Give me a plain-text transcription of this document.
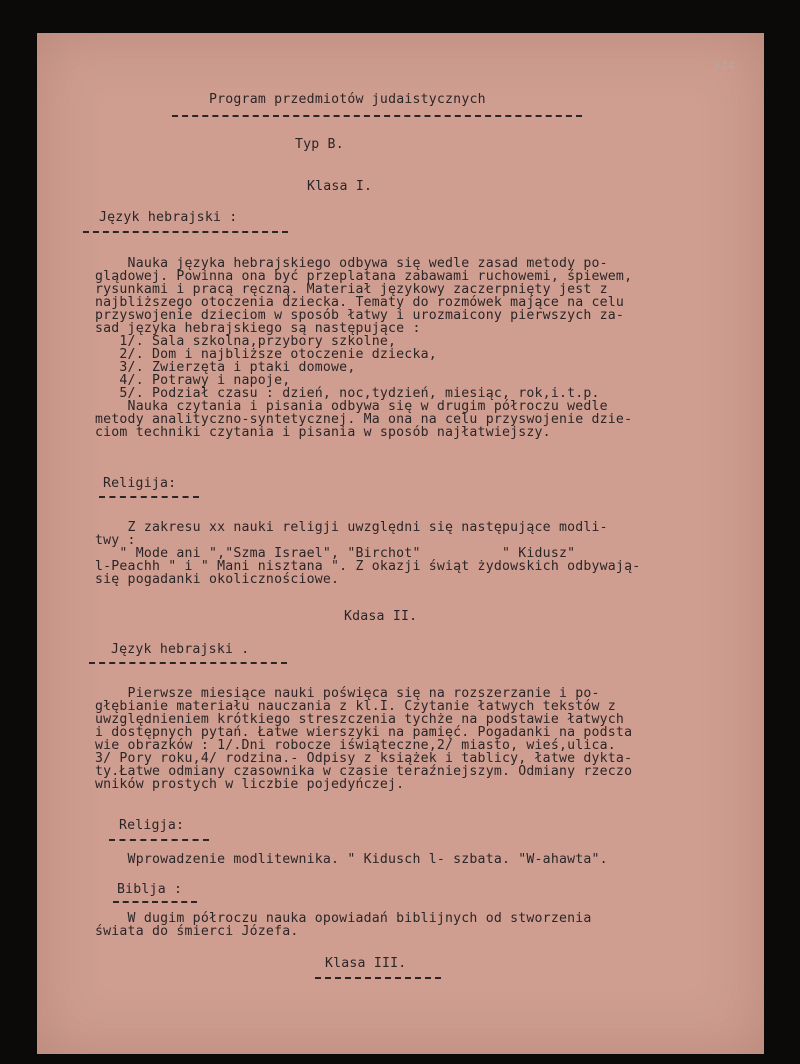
344
Program przedmiotów judaistycznych
Typ B.
Klasa I.
Język hebrajski :
Nauka języka hebrajskiego odbywa się wedle zasad metody po-
glądowej. Powinna ona być przeplatana zabawami ruchowemi, śpiewem,
rysunkami i pracą ręczną. Materiał językowy zaczerpnięty jest z
najbliższego otoczenia dziecka. Tematy do rozmówek mające na celu
przyswojenie dzieciom w sposób łatwy i urozmaicony pierwszych za-
sad języka hebrajskiego są następujące :
1/. Sala szkolna,przybory szkolne,
2/. Dom i najbliższe otoczenie dziecka,
3/. Zwierzęta i ptaki domowe,
4/. Potrawy i napoje,
5/. Podział czasu : dzień, noc,tydzień, miesiąc, rok,i.t.p.
Nauka czytania i pisania odbywa się w drugim półroczu wedle
metody analityczno-syntetycznej. Ma ona na celu przyswojenie dzie-
ciom techniki czytania i pisania w sposób najłatwiejszy.
Religija:
Z zakresu xx nauki religji uwzględni się następujące modli-
twy :
" Mode ani ","Szma Israel", "Birchot"          " Kidusz"
l-Peachh " i " Mani nisztana ". Z okazji świąt żydowskich odbywają-
się pogadanki okolicznościowe.
Kdasa II.
Język hebrajski .
Pierwsze miesiące nauki poświęca się na rozszerzanie i po-
głębianie materiału nauczania z kl.I. Czytanie łatwych tekstów z
uwzględnieniem krótkiego streszczenia tychże na podstawie łatwych
i dostępnych pytań. Łatwe wierszyki na pamięć. Pogadanki na podsta
wie obrazków : 1/.Dni robocze iświąteczne,2/ miasto, wieś,ulica.
3/ Pory roku,4/ rodzina.- Odpisy z książek i tablicy, łatwe dykta-
ty.Łatwe odmiany czasownika w czasie teraźniejszym. Odmiany rzeczo
wników prostych w liczbie pojedyńczej.
Religja:
Wprowadzenie modlitewnika. " Kidusch l- szbata. "W-ahawta".
Biblja :
W dugim półroczu nauka opowiadań biblijnych od stworzenia
świata do śmierci Józefa.
Klasa III.
